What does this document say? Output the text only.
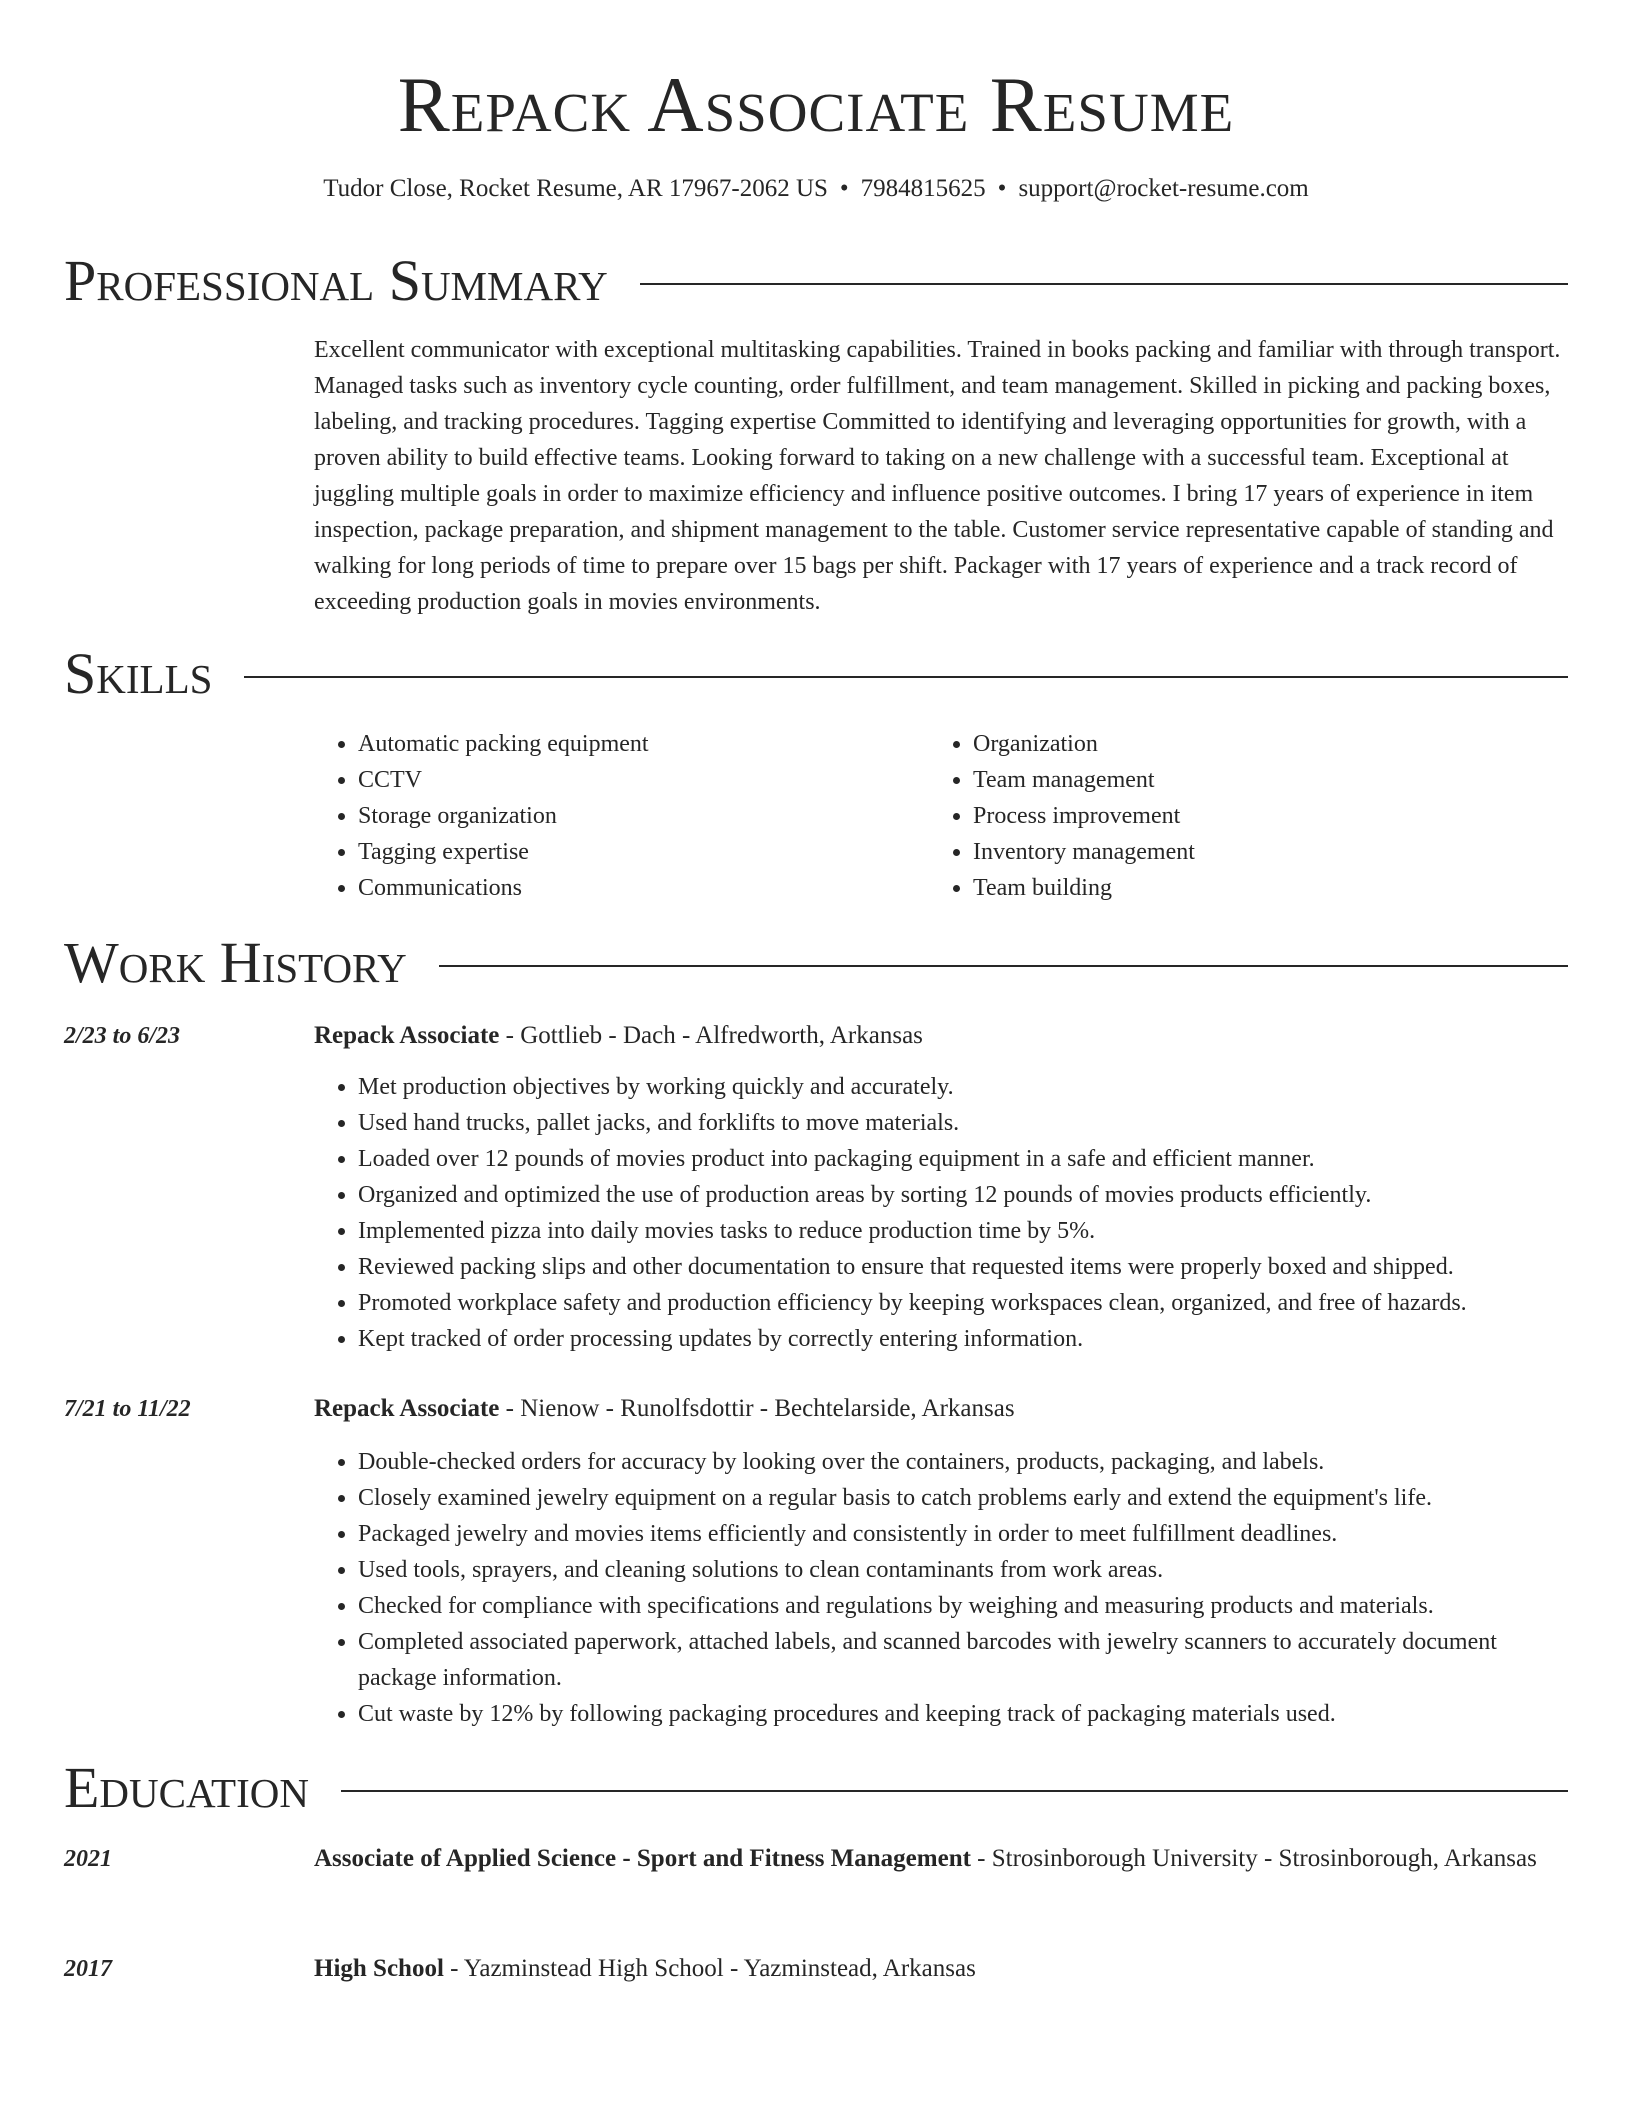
Repack Associate Resume
Tudor Close, Rocket Resume, AR 17967-2062 US • 7984815625 • support@rocket-resume.com
Professional Summary

Excellent communicator with exceptional multitasking capabilities. Trained in books packing and familiar with through transport. Managed tasks such as inventory cycle counting, order fulfillment, and team management. Skilled in picking and packing boxes, labeling, and tracking procedures. Tagging expertise Committed to identifying and leveraging opportunities for growth, with a proven ability to build effective teams. Looking forward to taking on a new challenge with a successful team. Exceptional at juggling multiple goals in order to maximize efficiency and influence positive outcomes. I bring 17 years of experience in item inspection, package preparation, and shipment management to the table. Customer service representative capable of standing and walking for long periods of time to prepare over 15 bags per shift. Packager with 17 years of experience and a track record of exceeding production goals in movies environments.

Skills
• Automatic packing equipment
• CCTV
• Storage organization
• Tagging expertise
• Communications
• Organization
• Team management
• Process improvement
• Inventory management
• Team building
Work History
2/23 to 6/23	Repack Associate - Gottlieb - Dach - Alfredworth, Arkansas
• Met production objectives by working quickly and accurately.
• Used hand trucks, pallet jacks, and forklifts to move materials.
• Loaded over 12 pounds of movies product into packaging equipment in a safe and efficient manner.
• Organized and optimized the use of production areas by sorting 12 pounds of movies products efficiently.
• Implemented pizza into daily movies tasks to reduce production time by 5%.
• Reviewed packing slips and other documentation to ensure that requested items were properly boxed and shipped.
• Promoted workplace safety and production efficiency by keeping workspaces clean, organized, and free of hazards.
• Kept tracked of order processing updates by correctly entering information.
7/21 to 11/22	Repack Associate - Nienow - Runolfsdottir - Bechtelarside, Arkansas
• Double-checked orders for accuracy by looking over the containers, products, packaging, and labels.
• Closely examined jewelry equipment on a regular basis to catch problems early and extend the equipment's life.
• Packaged jewelry and movies items efficiently and consistently in order to meet fulfillment deadlines.
• Used tools, sprayers, and cleaning solutions to clean contaminants from work areas.
• Checked for compliance with specifications and regulations by weighing and measuring products and materials.
• Completed associated paperwork, attached labels, and scanned barcodes with jewelry scanners to accurately document package information.
• Cut waste by 12% by following packaging procedures and keeping track of packaging materials used.
Education
2021	Associate of Applied Science - Sport and Fitness Management - Strosinborough University - Strosinborough, Arkansas
2017	High School - Yazminstead High School - Yazminstead, Arkansas
